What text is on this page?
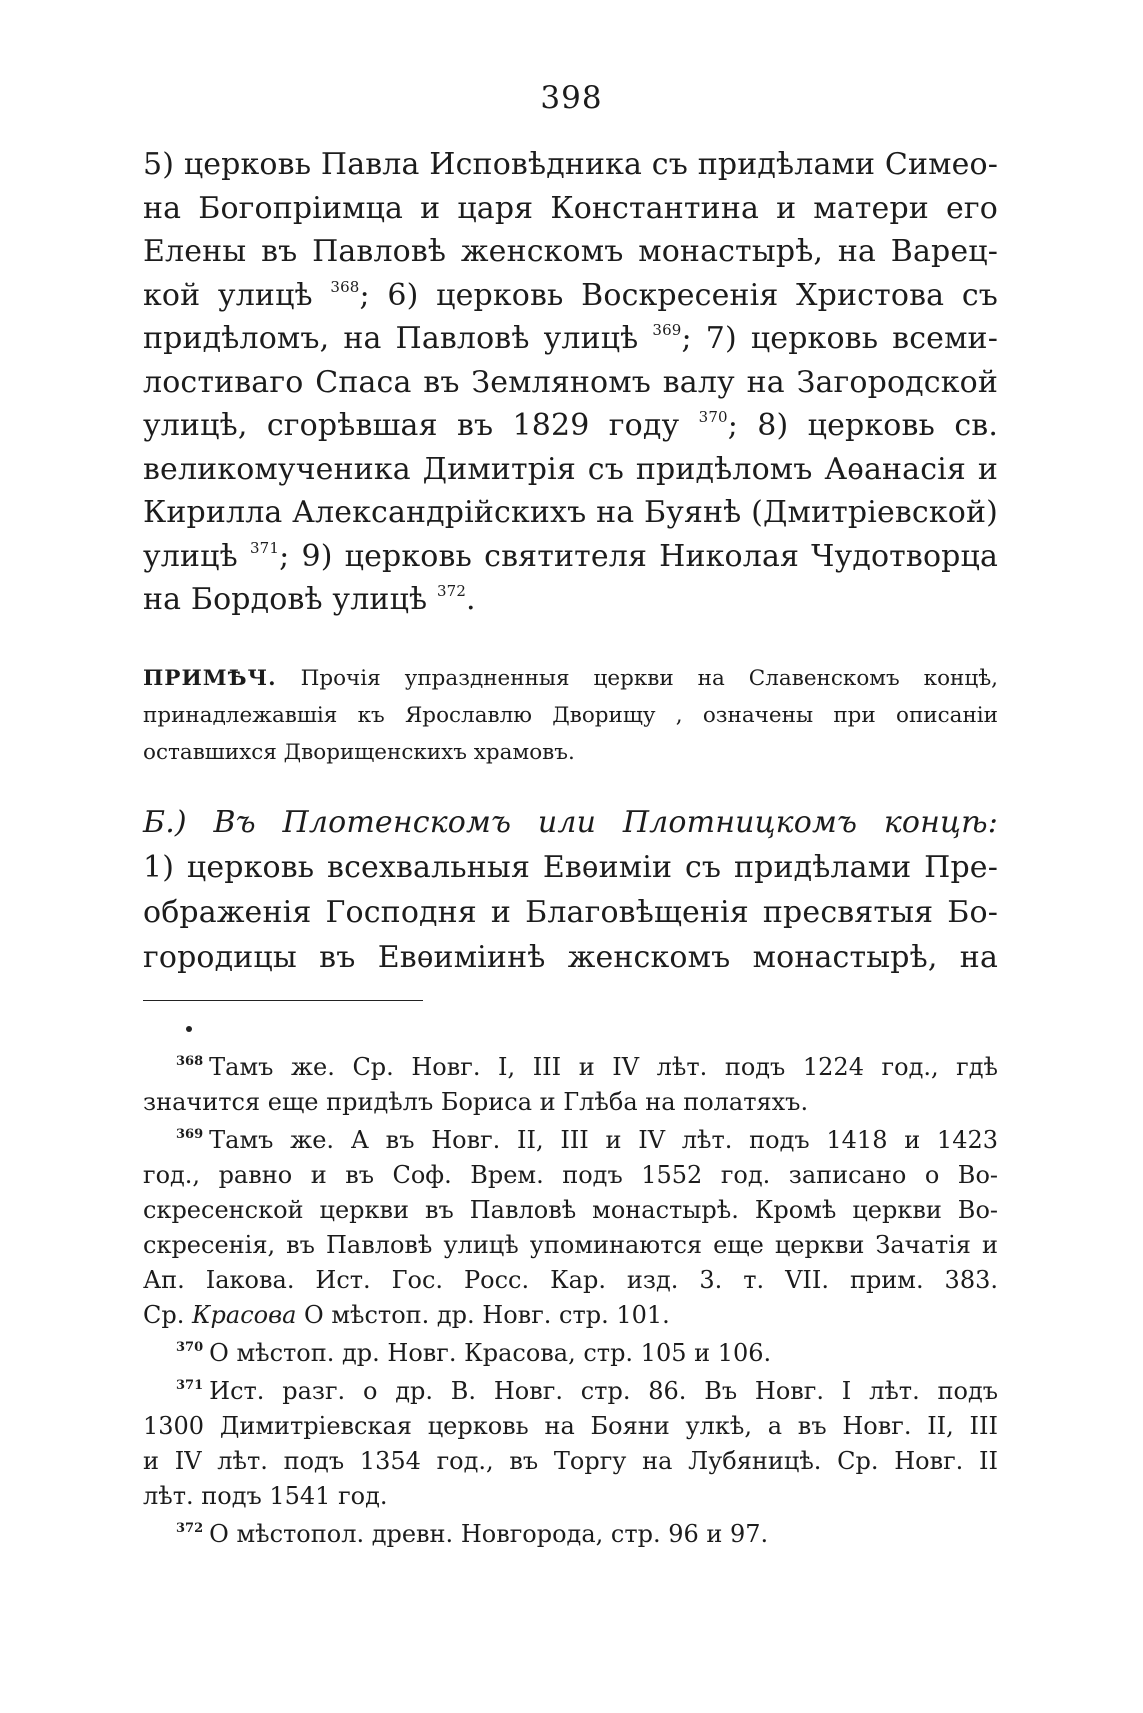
398
5) церковь Павла Исповѣдника съ придѣлами Симео-
на Богопріимца и царя Константина и матери его
Елены въ Павловѣ женскомъ монастырѣ, на Варец-
кой улицѣ $^{368}$; 6) церковь Воскресенія Христова съ
придѣломъ, на Павловѣ улицѣ $^{369}$; 7) церковь всеми-
лостиваго Спаса въ Земляномъ валу на Загородской
улицѣ, сгорѣвшая въ 1829 году $^{370}$; 8) церковь св.
великомученика Димитрія съ придѣломъ Аѳанасія и
Кирилла Александрійскихъ на Буянѣ (Дмитріевской)
улицѣ $^{371}$; 9) церковь святителя Николая Чудотворца
на Бордовѣ улицѣ $^{372}$.
ПРИМѢЧ. Прочія упраздненныя церкви на Славенскомъ концѣ,
принадлежавшія къ Ярославлю Дворищу , означены при описаніи
оставшихся Дворищенскихъ храмовъ.
Б.) Въ Плотенскомъ или Плотницкомъ концѣ:
1) церковь всехвальныя Евѳиміи съ придѣлами Пре-
ображенія Господня и Благовѣщенія пресвятыя Бо-
городицы въ Евѳиміинѣ женскомъ монастырѣ, на
$^{368}$ Тамъ же. Ср. Новг. I, III и IV лѣт. подъ 1224 год., гдѣ
значится еще придѣлъ Бориса и Глѣба на полатяхъ.
$^{369}$ Тамъ же. А въ Новг. II, III и IV лѣт. подъ 1418 и 1423
год., равно и въ Соф. Врем. подъ 1552 год. записано о Во-
скресенской церкви въ Павловѣ монастырѣ. Кромѣ церкви Во-
скресенія, въ Павловѣ улицѣ упоминаются еще церкви Зачатія и
Ап. Іакова. Ист. Гос. Росс. Кар. изд. 3. т. VII. прим. 383.
Ср. Красова О мѣстоп. др. Новг. стр. 101.
$^{370}$ О мѣстоп. др. Новг. Красова, стр. 105 и 106.
$^{371}$ Ист. разг. о др. В. Новг. стр. 86. Въ Новг. I лѣт. подъ
1300 Димитріевская церковь на Бояни улкѣ, а въ Новг. II, III
и IV лѣт. подъ 1354 год., въ Торгу на Лубяницѣ. Ср. Новг. II
лѣт. подъ 1541 год.
$^{372}$ О мѣстопол. древн. Новгорода, стр. 96 и 97.
